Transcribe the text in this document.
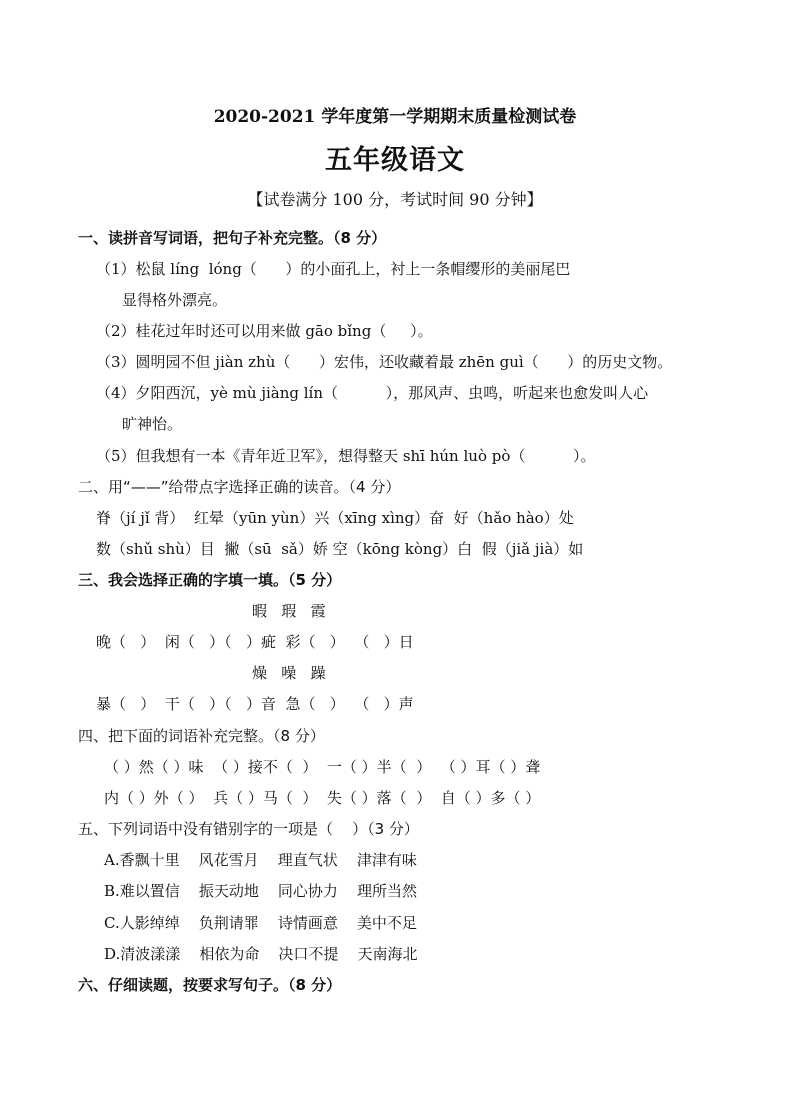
2020-2021 学年度第一学期期末质量检测试卷
五年级语文
【试卷满分 100 分，考试时间 90 分钟】
一、读拼音写词语，把句子补充完整。（8 分）
（1）松鼠 líng  lóng（      ）的小面孔上，衬上一条帽缨形的美丽尾巴
显得格外漂亮。
（2）桂花过年时还可以用来做 gāo bǐng（     ）。
（3）圆明园不但 jiàn zhù（      ）宏伟，还收藏着最 zhēn guì（      ）的历史文物。
（4）夕阳西沉，yè mù jiàng lín（          ），那风声、虫鸣，听起来也愈发叫人心
旷神怡。
（5）但我想有一本《青年近卫军》，想得整天 shī hún luò pò（          ）。
二、用“——”给带点字选择正确的读音。（4 分）
脊（jí jǐ 背）  红晕（yūn yùn）兴（xīng xìng）奋  好（hǎo hào）处
数（shǔ shù）目  撇（sū  sǎ）娇 空（kōng kòng）白  假（jiǎ jià）如
三、我会选择正确的字填一填。（5 分）
暇   瑕   霞
晚（   ）  闲（   ）（   ）疵  彩（   ）  （   ）日
燥   噪   躁
暴（   ）  干（   ）（   ）音  急（   ）  （   ）声
四、把下面的词语补充完整。（8 分）
（ ）然（ ）味  （ ）接不（  ）  一（ ）半（  ）  （ ）耳（ ）聋
内（ ）外（ ）  兵（ ）马（  ）  失（ ）落（  ）  自（ ）多（ ）
五、下列词语中没有错别字的一项是（    ）（3 分）
A.香飘十里    风花雪月    理直气状    津津有味
B.难以置信    振天动地    同心协力    理所当然
C.人影绰绰    负荆请罪    诗情画意    美中不足
D.清波漾漾    相依为命    决口不提    天南海北
六、仔细读题，按要求写句子。（8 分）
